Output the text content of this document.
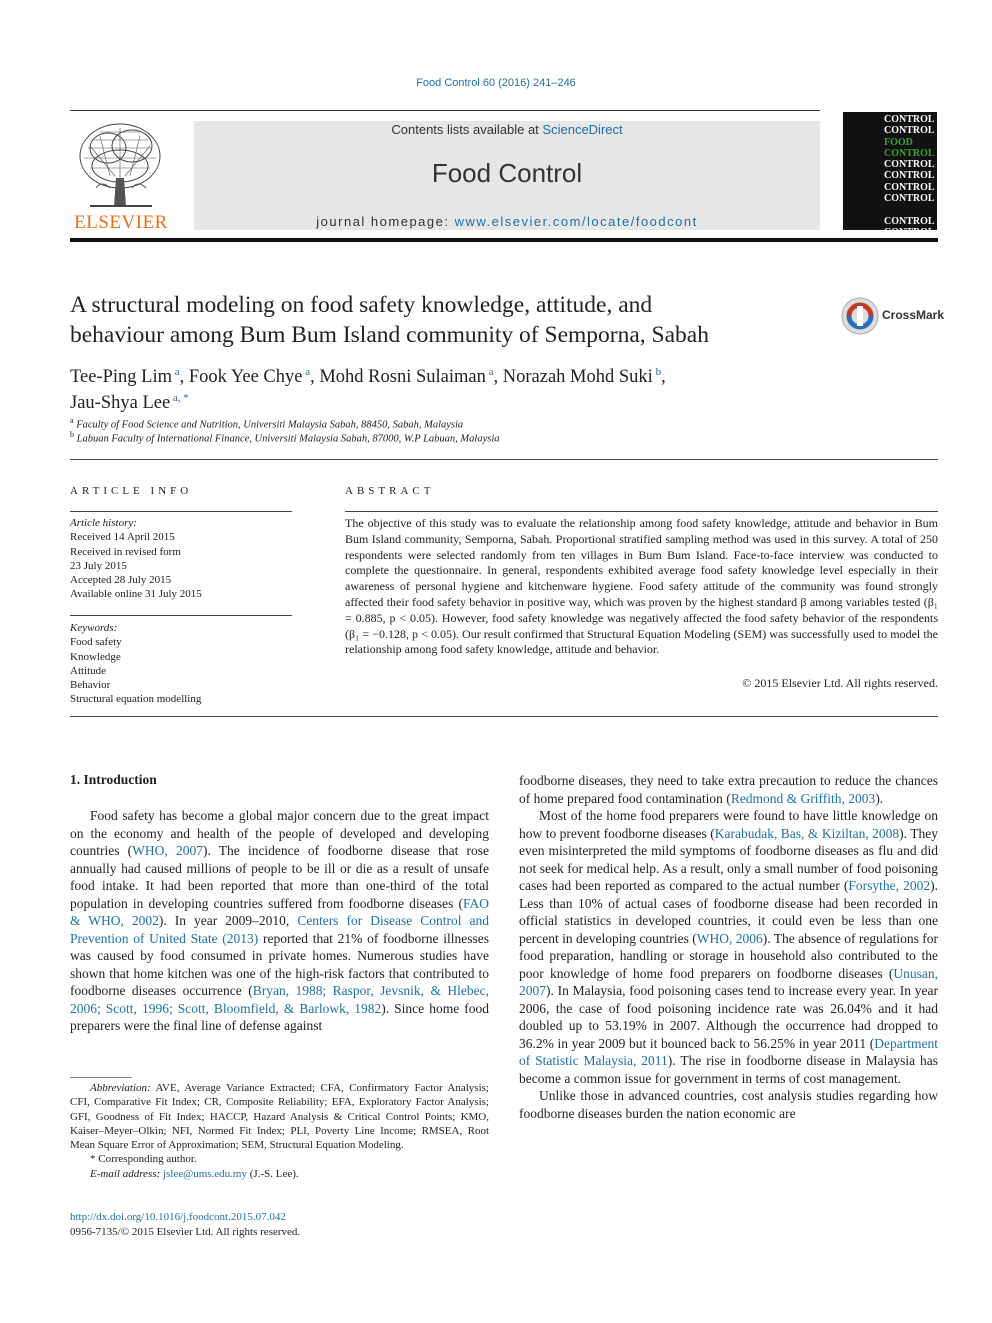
Food Control 60 (2016) 241–246
ELSEVIER
Contents lists available at ScienceDirect
Food Control
journal homepage: www.elsevier.com/locate/foodcont
CONTROL
CONTROL
FOOD CONTROL
CONTROL
CONTROL
CONTROL
CONTROL

CONTROL
CONTROL
A structural modeling on food safety knowledge, attitude, and
behaviour among Bum Bum Island community of Semporna, Sabah
CrossMark
Tee-Ping Lim $^a$, Fook Yee Chye $^a$, Mohd Rosni Sulaiman $^a$, Norazah Mohd Suki $^b$,
Jau-Shya Lee $^{a, *}$
$^a$ Faculty of Food Science and Nutrition, Universiti Malaysia Sabah, 88450, Sabah, Malaysia
$^b$ Labuan Faculty of International Finance, Universiti Malaysia Sabah, 87000, W.P Labuan, Malaysia
ARTICLE INFO	ABSTRACT
Article history:
Received 14 April 2015
Received in revised form
23 July 2015
Accepted 28 July 2015
Available online 31 July 2015
Keywords:
Food safety
Knowledge
Attitude
Behavior
Structural equation modelling
The objective of this study was to evaluate the relationship among food safety knowledge, attitude and behavior in Bum Bum Island community, Semporna, Sabah. Proportional stratified sampling method was used in this survey. A total of 250 respondents were selected randomly from ten villages in Bum Bum Island. Face-to-face interview was conducted to complete the questionnaire. In general, respondents exhibited average food safety knowledge level especially in their awareness of personal hygiene and kitchenware hygiene. Food safety attitude of the community was found strongly affected their food safety behavior in positive way, which was proven by the highest standard β among variables tested (β₁ = 0.885, p < 0.05). However, food safety knowledge was negatively affected the food safety behavior of the respondents (β₁ = −0.128, p < 0.05). Our result confirmed that Structural Equation Modeling (SEM) was successfully used to model the relationship among food safety knowledge, attitude and behavior.
© 2015 Elsevier Ltd. All rights reserved.
1. Introduction

Food safety has become a global major concern due to the great impact on the economy and health of the people of developed and developing countries (WHO, 2007). The incidence of foodborne disease that rose annually had caused millions of people to be ill or die as a result of unsafe food intake. It had been reported that more than one-third of the total population in developing countries suffered from foodborne diseases (FAO & WHO, 2002). In year 2009–2010, Centers for Disease Control and Prevention of United State (2013) reported that 21% of foodborne illnesses was caused by food consumed in private homes. Numerous studies have shown that home kitchen was one of the high-risk factors that contributed to foodborne diseases occurrence (Bryan, 1988; Raspor, Jevsnik, & Hlebec, 2006; Scott, 1996; Scott, Bloomfield, & Barlowk, 1982). Since home food preparers were the final line of defense against

foodborne diseases, they need to take extra precaution to reduce the chances of home prepared food contamination (Redmond & Griffith, 2003).

Most of the home food preparers were found to have little knowledge on how to prevent foodborne diseases (Karabudak, Bas, & Kiziltan, 2008). They even misinterpreted the mild symptoms of foodborne diseases as flu and did not seek for medical help. As a result, only a small number of food poisoning cases had been reported as compared to the actual number (Forsythe, 2002). Less than 10% of actual cases of foodborne disease had been recorded in official statistics in developed countries, it could even be less than one percent in developing countries (WHO, 2006). The absence of regulations for food preparation, handling or storage in household also contributed to the poor knowledge of home food preparers on foodborne diseases (Unusan, 2007). In Malaysia, food poisoning cases tend to increase every year. In year 2006, the case of food poisoning incidence rate was 26.04% and it had doubled up to 53.19% in 2007. Although the occurrence had dropped to 36.2% in year 2009 but it bounced back to 56.25% in year 2011 (Department of Statistic Malaysia, 2011). The rise in foodborne disease in Malaysia has become a common issue for government in terms of cost management.

Unlike those in advanced countries, cost analysis studies regarding how foodborne diseases burden the nation economic are

Abbreviation: AVE, Average Variance Extracted; CFA, Confirmatory Factor Analysis; CFI, Comparative Fit Index; CR, Composite Reliability; EFA, Exploratory Factor Analysis; GFI, Goodness of Fit Index; HACCP, Hazard Analysis & Critical Control Points; KMO, Kaiser–Meyer–Olkin; NFI, Normed Fit Index; PLI, Poverty Line Income; RMSEA, Root Mean Square Error of Approximation; SEM, Structural Equation Modeling.

* Corresponding author.

E-mail address: jslee@ums.edu.my (J.-S. Lee).

http://dx.doi.org/10.1016/j.foodcont.2015.07.042
0956-7135/© 2015 Elsevier Ltd. All rights reserved.
